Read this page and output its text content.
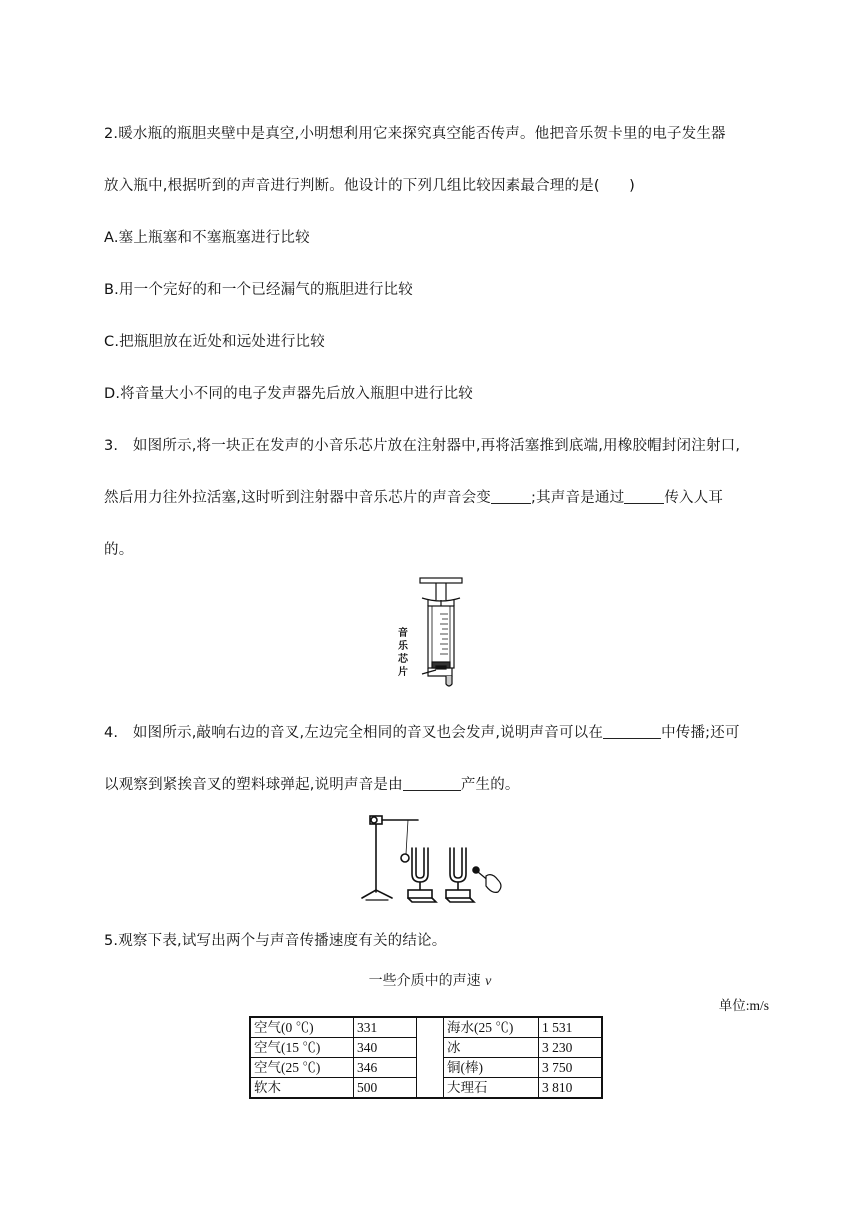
2.暖水瓶的瓶胆夹壁中是真空,小明想利用它来探究真空能否传声。他把音乐贺卡里的电子发生器
放入瓶中,根据听到的声音进行判断。他设计的下列几组比较因素最合理的是(　　)
A.塞上瓶塞和不塞瓶塞进行比较
B.用一个完好的和一个已经漏气的瓶胆进行比较
C.把瓶胆放在近处和远处进行比较
D.将音量大小不同的电子发声器先后放入瓶胆中进行比较
3.　如图所示,将一块正在发声的小音乐芯片放在注射器中,再将活塞推到底端,用橡胶帽封闭注射口,
然后用力往外拉活塞,这时听到注射器中音乐芯片的声音会变	;其声音是通过	传入人耳
的。
音
乐
芯
片
4.　如图所示,敲响右边的音叉,左边完全相同的音叉也会发声,说明声音可以在	中传播;还可
以观察到紧挨音叉的塑料球弹起,说明声音是由	产生的。
5.观察下表,试写出两个与声音传播速度有关的结论。
一些介质中的声速 v
单位:m/s
空气(0 ℃)	331		海水(25 ℃)	1 531
空气(15 ℃)	340		冰	3 230
空气(25 ℃)	346		铜(棒)	3 750
软木	500		大理石	3 810
